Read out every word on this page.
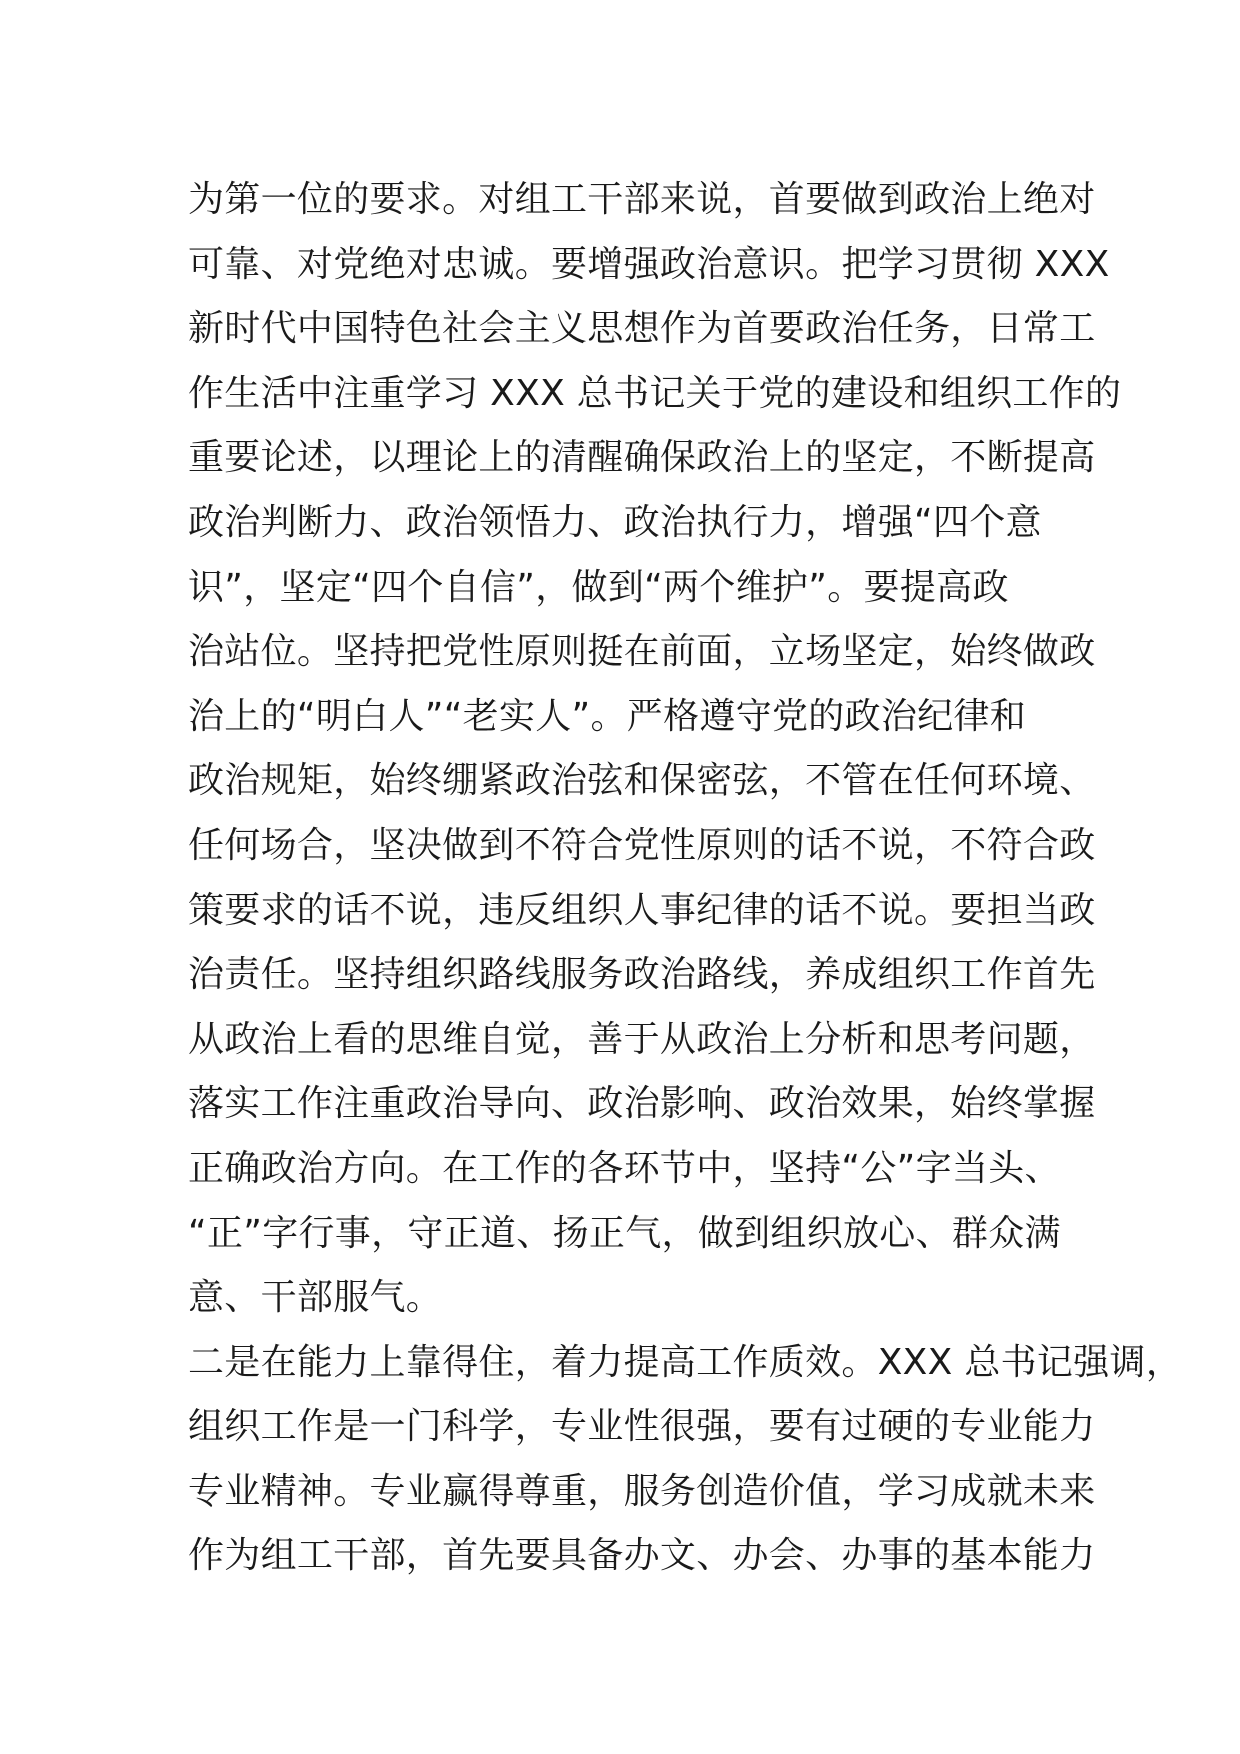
为第一位的要求。对组工干部来说，首要做到政治上绝对
可靠、对党绝对忠诚。要增强政治意识。把学习贯彻 XXX
新时代中国特色社会主义思想作为首要政治任务，日常工
作生活中注重学习 XXX 总书记关于党的建设和组织工作的
重要论述，以理论上的清醒确保政治上的坚定，不断提高
政治判断力、政治领悟力、政治执行力，增强“四个意
识”，坚定“四个自信”，做到“两个维护”。要提高政
治站位。坚持把党性原则挺在前面，立场坚定，始终做政
治上的“明白人”“老实人”。严格遵守党的政治纪律和
政治规矩，始终绷紧政治弦和保密弦，不管在任何环境、
任何场合，坚决做到不符合党性原则的话不说，不符合政
策要求的话不说，违反组织人事纪律的话不说。要担当政
治责任。坚持组织路线服务政治路线，养成组织工作首先
从政治上看的思维自觉，善于从政治上分析和思考问题，
落实工作注重政治导向、政治影响、政治效果，始终掌握
正确政治方向。在工作的各环节中，坚持“公”字当头、
“正”字行事，守正道、扬正气，做到组织放心、群众满
意、干部服气。
二是在能力上靠得住，着力提高工作质效。XXX 总书记强调，
组织工作是一门科学，专业性很强，要有过硬的专业能力
专业精神。专业赢得尊重，服务创造价值，学习成就未来
作为组工干部，首先要具备办文、办会、办事的基本能力
